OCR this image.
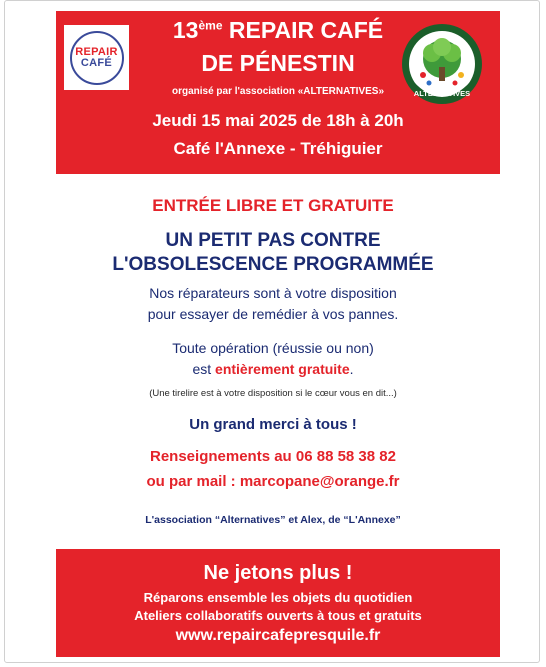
REPAIR
CAFÉ
13ème REPAIR CAFÉ
DE PÉNESTIN
organisé par l'association «ALTERNATIVES»
Jeudi 15 mai 2025 de 18h à 20h
Café l'Annexe - Tréhiguier
ALTERNATIVES
ENTRÉE LIBRE ET GRATUITE
UN PETIT PAS CONTRE
L'OBSOLESCENCE PROGRAMMÉE
Nos réparateurs sont à votre disposition
pour essayer de remédier à vos pannes.
Toute opération (réussie ou non)
est entièrement gratuite.
(Une tirelire est à votre disposition si le cœur vous en dit...)
Un grand merci à tous !
Renseignements au 06 88 58 38 82
ou par mail : marcopane@orange.fr
L'association “Alternatives” et Alex, de “L'Annexe”
Ne jetons plus !
Réparons ensemble les objets du quotidien
Ateliers collaboratifs ouverts à tous et gratuits
www.repaircafepresquile.fr
